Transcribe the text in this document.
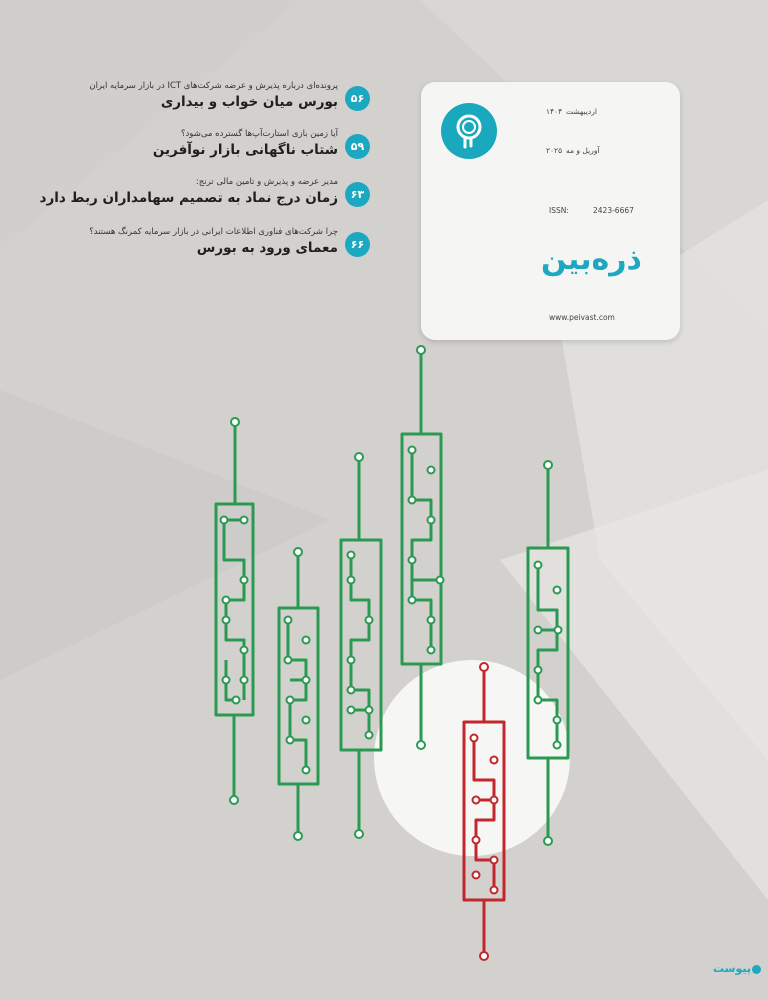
۵۶
پرونده‌ای درباره پذیرش و عرضه شرکت‌های ICT در بازار سرمایه ایران
بورس میان خواب و بیداری
۵۹
آیا زمین بازی استارت‌آپ‌ها گسترده می‌شود؟
شتاب ناگهانی بازار نوآفرین
۶۳
مدیر عرضه و پذیرش و تامین مالی ترنج:
زمان درج نماد به تصمیم سهامداران ربط دارد
۶۶
چرا شرکت‌های فناوری اطلاعات ایرانی در بازار سرمایه کمرنگ هستند؟
معمای ورود به بورس
اردیبهشت
۱۴۰۴
آوریل و مه
۲۰۲۵
ISSN:	2423-6667
ذره‌بین
www.peivast.com
پیوست
